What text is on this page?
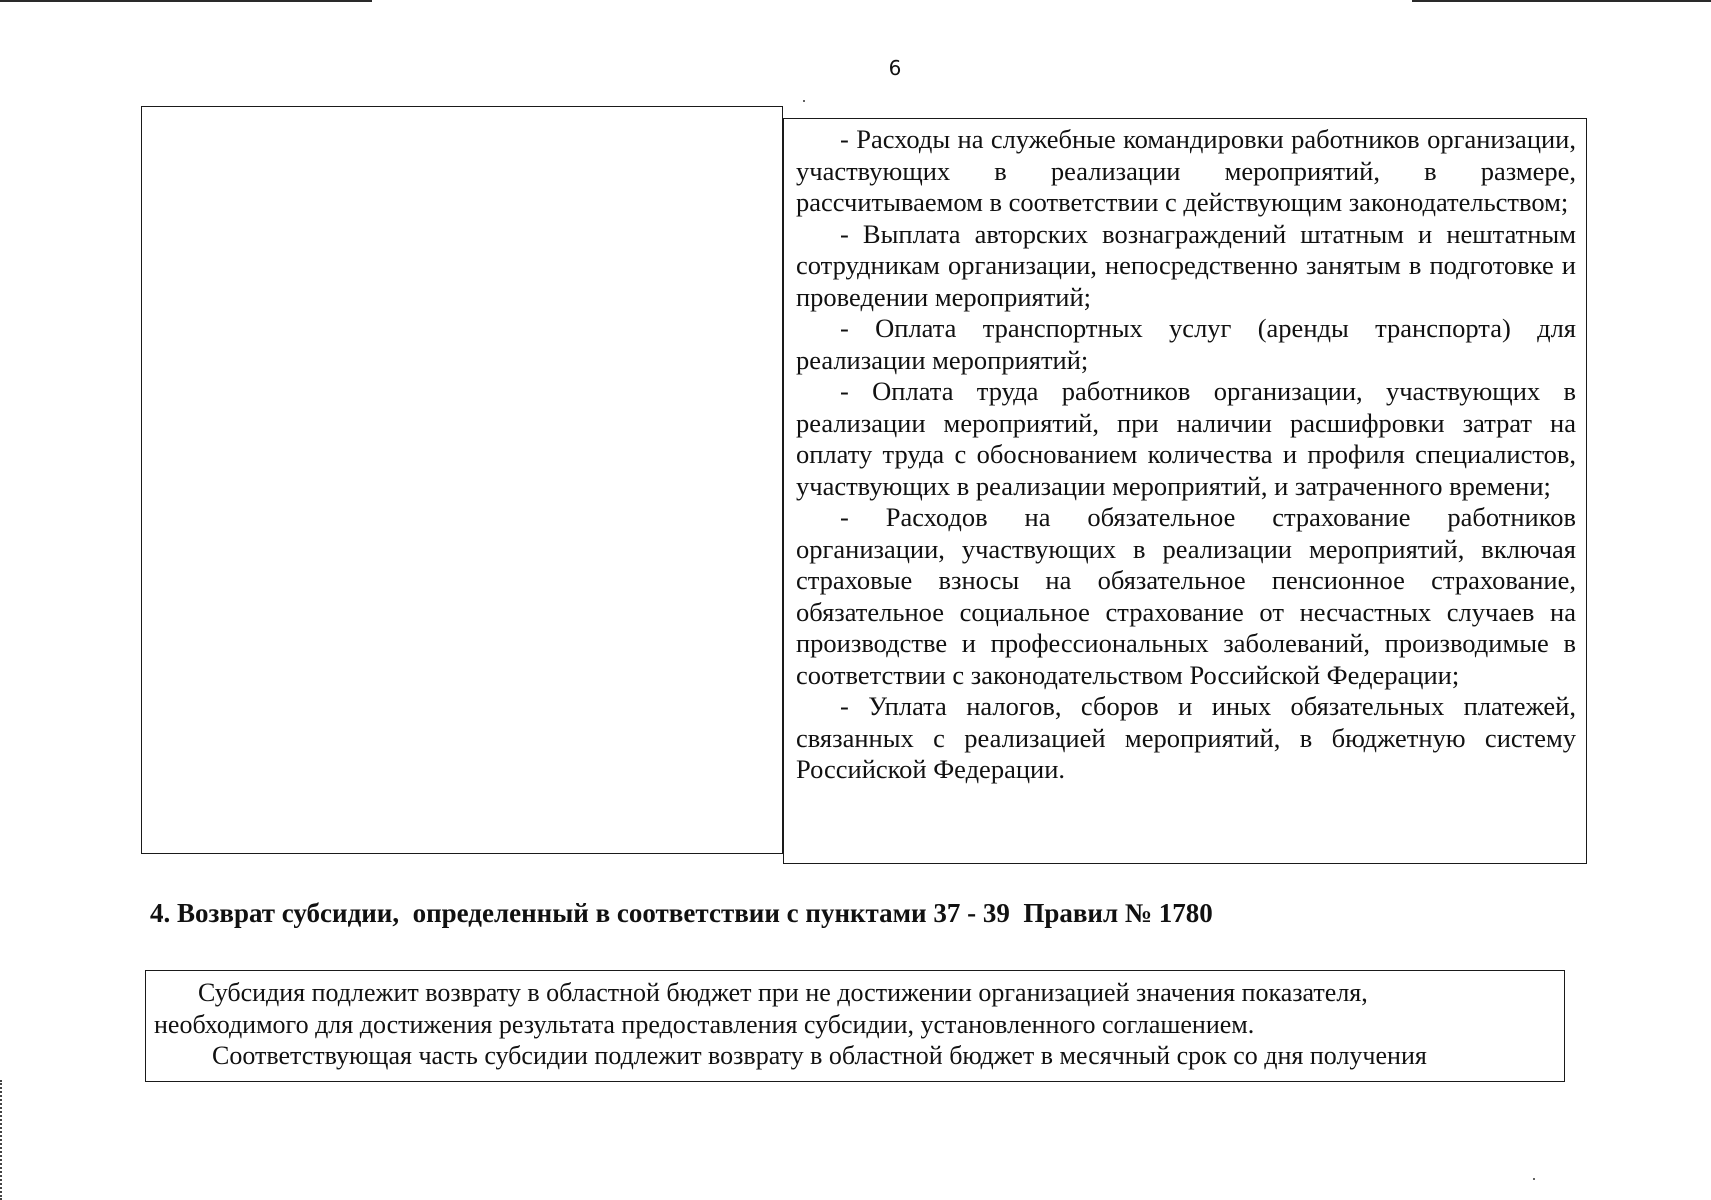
6

- Расходы на служебные командировки работников организации, участвующих в реализации мероприятий, в размере, рассчитываемом в соответствии с действующим законодательством;

- Выплата авторских вознаграждений штатным и нештатным сотрудникам организации, непосредственно занятым в подготовке и проведении мероприятий;

- Оплата транспортных услуг (аренды транспорта) для реализации мероприятий;

- Оплата труда работников организации, участвующих в реализации мероприятий, при наличии расшифровки затрат на оплату труда с обоснованием количества и профиля специалистов, участвующих в реализации мероприятий, и затраченного времени;

- Расходов на обязательное страхование работников организации, участвующих в реализации мероприятий, включая страховые взносы на обязательное пенсионное страхование, обязательное социальное страхование от несчастных случаев на производстве и профессиональных заболеваний, производимые в соответствии с законодательством Российской Федерации;

- Уплата налогов, сборов и иных обязательных платежей, связанных с реализацией мероприятий, в бюджетную систему Российской Федерации.

4. Возврат субсидии,  определенный в соответствии с пунктами 37 - 39  Правил № 1780

Субсидия подлежит возврату в областной бюджет при не достижении организацией значения показателя,

необходимого для достижения результата предоставления субсидии, установленного соглашением.

Соответствующая часть субсидии подлежит возврату в областной бюджет в месячный срок со дня получения
